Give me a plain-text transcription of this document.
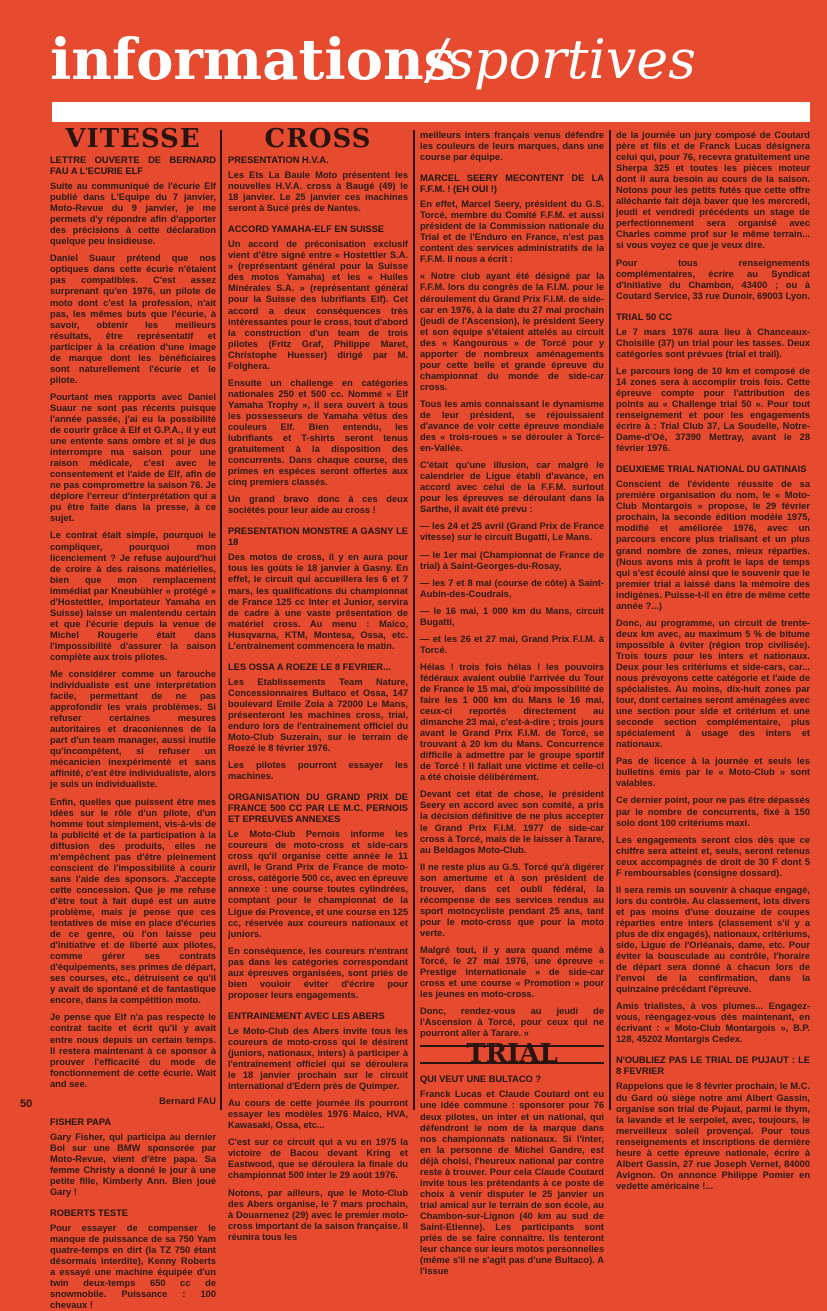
informations
/sportives
VITESSE
LETTRE OUVERTE DE BERNARD FAU A L'ECURIE ELF

Suite au communiqué de l'écurie Elf publié dans L'Equipe du 7 janvier, Moto-Revue du 9 janvier, je me permets d'y répondre afin d'apporter des précisions à cette déclaration quelque peu insidieuse.

Daniel Suaur prétend que nos optiques dans cette écurie n'étaient pas compatibles. C'est assez surprenant qu'en 1976, un pilote de moto dont c'est la profession, n'ait pas, les mêmes buts que l'écurie, à savoir, obtenir les meilleurs résultats, être représentatif et participer à la création d'une image de marque dont les bénéficiaires sont naturellement l'écurie et le pilote.

Pourtant mes rapports avec Daniel Suaur ne sont pas récents puisque l'année passée, j'ai eu la possibilité de courir grâce à Elf et G.P.A., il y eut une entente sans ombre et si je dus interrompre ma saison pour une raison médicale, c'est avec le consentement et l'aide de Elf, afin de ne pas compromettre la saison 76. Je déplore l'erreur d'interprétation qui a pu être faite dans la presse, à ce sujet.

Le contrat était simple, pourquoi le compliquer, pourquoi mon licenciement ? Je refuse aujourd'hui de croire à des raisons matérielles, bien que mon remplacement immédiat par Kneubühler « protégé » d'Hostettler, importateur Yamaha en Suisse) laisse un malentendu certain et que l'écurie depuis la venue de Michel Rougerie était dans l'impossibilité d'assurer la saison complète aux trois pilotes.

Me considérer comme un farouche individualiste est une interprétation facile, permettant de ne pas approfondir les vrais problèmes. Si refuser certaines mesures autoritaires et draconiennes de la part d'un team manager, aussi inutile qu'incompétent, si refuser un mécanicien inexpérimenté et sans affinité, c'est être individualiste, alors je suis un individualiste.

Enfin, quelles que puissent être mes idées sur le rôle d'un pilote, d'un homme tout simplement, vis-à-vis de la publicité et de la participation à la diffusion des produits, elles ne m'empêchent pas d'être pleinement conscient de l'impossibilité à courir sans l'aide des sponsors. J'accepte cette concession. Que je me refuse d'être tout à fait dupé est un autre problème, mais je pense que ces tentatives de mise en place d'écuries de ce genre, où l'on laisse peu d'initiative et de liberté aux pilotes, comme gérer ses contrats d'équipements, ses primes de départ, ses courses, etc., détruisent ce qu'il y avait de spontané et de fantastique encore, dans la compétition moto.

Je pense que Elf n'a pas respecté le contrat tacite et écrit qu'il y avait entre nous depuis un certain temps. Il restera maintenant à ce sponsor à prouver l'efficacité du mode de fonctionnement de cette écurie. Wait and see.

Bernard FAU
FISHER PAPA

Gary Fisher, qui participa au dernier Bol sur une BMW sponsorée par Moto-Revue, vient d'être papa. Sa femme Christy a donné le jour à une petite fille, Kimberly Ann. Bien joué Gary !

ROBERTS TESTE

Pour essayer de compenser le manque de puissance de sa 750 Yam quatre-temps en dirt (la TZ 750 étant désormais interdite), Kenny Roberts a essayé une machine équipée d'un twin deux-temps 650 cc de snowmobile. Puissance : 100 chevaux !

CROSS
PRESENTATION H.V.A.

Les Ets La Baule Moto présentent les nouvelles H.V.A. cross à Baugé (49) le 18 janvier. Le 25 janvier ces machines seront à Sucé près de Nantes.

ACCORD YAMAHA-ELF EN SUISSE

Un accord de préconisation exclusif vient d'être signé entre « Hostettler S.A. » (représentant général pour la Suisse des motos Yamaha) et les « Huiles Minérales S.A. » (représentant général pour la Suisse des lubrifiants Elf). Cet accord a deux conséquences très intéressantes pour le cross, tout d'abord la construction d'un team de trois pilotes (Fritz Graf, Philippe Maret, Christophe Huesser) dirigé par M. Folghera.

Ensuite un challenge en catégories nationales 250 et 500 cc. Nommé « Elf Yamaha Trophy », il sera ouvert à tous les possesseurs de Yamaha vêtus des couleurs Elf. Bien entendu, les lubrifiants et T-shirts seront tenus gratuitement à la disposition des concurrents. Dans chaque course, des primes en espèces seront offertes aux cinq premiers classés.

Un grand bravo donc à ces deux sociétés pour leur aide au cross !

PRESENTATION MONSTRE A GASNY LE 18

Des motos de cross, il y en aura pour tous les goûts le 18 janvier à Gasny. En effet, le circuit qui accueillera les 6 et 7 mars, les qualifications du championnat de France 125 cc Inter et Junior, servira de cadre à une vaste présentation de matériel cross. Au menu : Maico, Husqvarna, KTM, Montesa, Ossa, etc. L'entraînement commencera le matin.

LES OSSA A ROEZE LE 8 FEVRIER...

Les Etablissements Team Nature, Concessionnaires Bultaco et Ossa, 147 boulevard Emile Zola à 72000 Le Mans, présenteront les machines cross, trial, enduro lors de l'entraînement officiel du Moto-Club Suzerain, sur le terrain de Roezé le 8 février 1976.

Les pilotes pourront essayer les machines.

ORGANISATION DU GRAND PRIX DE FRANCE 500 CC PAR LE M.C. PERNOIS ET EPREUVES ANNEXES

Le Moto-Club Pernois informe les coureurs de moto-cross et side-cars cross qu'il organise cette année le 11 avril, le Grand Prix de France de moto-cross, catégorie 500 cc, avec en épreuve annexe : une course toutes cylindrées, comptant pour le championnat de la Ligue de Provence, et une course en 125 cc, réservée aux coureurs nationaux et juniors.

En conséquence, les coureurs n'entrant pas dans les catégories correspondant aux épreuves organisées, sont priés de bien vouloir éviter d'écrire pour proposer leurs engagements.

ENTRAINEMENT AVEC LES ABERS

Le Moto-Club des Abers invite tous les coureurs de moto-cross qui le désirent (juniors, nationaux, inters) à participer à l'entraînement officiel qui se déroulera le 18 janvier prochain sur le circuit international d'Edern près de Quimper.

Au cours de cette journée ils pourront essayer les modèles 1976 Maico, HVA, Kawasaki, Ossa, etc...

C'est sur ce circuit qui a vu en 1975 la victoire de Bacou devant Kring et Eastwood, que se déroulera la finale du championnat 500 inter le 29 août 1976.

Notons, par ailleurs, que le Moto-Club des Abers organise, le 7 mars prochain, à Douarnenez (29) avec le premier moto-cross important de la saison française. Il réunira tous les

meilleurs inters français venus défendre les couleurs de leurs marques, dans une course par équipe.

MARCEL SEERY MECONTENT DE LA F.F.M. ! (EH OUI !)

En effet, Marcel Seery, président du G.S. Torcé, membre du Comité F.F.M. et aussi président de la Commission nationale du Trial et de l'Enduro en France, n'est pas content des services administratifs de la F.F.M. Il nous a écrit :

« Notre club ayant été désigné par la F.F.M. lors du congrès de la F.I.M. pour le déroulement du Grand Prix F.I.M. de side-car en 1976, à la date du 27 mai prochain (jeudi de l'Ascension), le président Seery et son équipe s'étaient attelés au circuit des « Kangourous » de Torcé pour y apporter de nombreux aménagements pour cette belle et grande épreuve du championnat du monde de side-car cross.

Tous les amis connaissant le dynamisme de leur président, se réjouissaient d'avance de voir cette épreuve mondiale des « trois-roues » se dérouler à Torcé-en-Vallée.

C'était qu'une illusion, car malgré le calendrier de Ligue établi d'avance, en accord avec celui de la F.F.M. surtout pour les épreuves se déroulant dans la Sarthe, il avait été prévu :

— les 24 et 25 avril (Grand Prix de France vitesse) sur le circuit Bugatti, Le Mans.

— le 1er mai (Championnat de France de trial) à Saint-Georges-du-Rosay,

— les 7 et 8 mai (course de côte) à Saint-Aubin-des-Coudrais,

— le 16 mai, 1 000 km du Mans, circuit Bugatti,

— et les 26 et 27 mai, Grand Prix F.I.M. à Torcé.

Hélas ! trois fois hélas ! les pouvoirs fédéraux avaient oublié l'arrivée du Tour de France le 15 mai, d'où impossibilité de faire les 1 000 km du Mans le 16 mai, ceux-ci reportés directement au dimanche 23 mai, c'est-à-dire ; trois jours avant le Grand Prix F.I.M. de Torcé, se trouvant à 20 km du Mans. Concurrence difficile à admettre par le groupe sportif de Torcé ! Il fallait une victime et celle-ci a été choisie délibérément.

Devant cet état de chose, le président Seery en accord avec son comité, a pris la décision définitive de ne plus accepter le Grand Prix F.I.M. 1977 de side-car cross à Torcé, mais de le laisser à Tarare, au Beldagos Moto-Club.

Il ne reste plus au G.S. Torcé qu'à digérer son amertume et à son président de trouver, dans cet oubli fédéral, la récompense de ses services rendus au sport motocycliste pendant 25 ans, tant pour le moto-cross que pour la moto verte.

Malgré tout, il y aura quand même à Torcé, le 27 mai 1976, une épreuve « Prestige internationale » de side-car cross et une course « Promotion » pour les jeunes en moto-cross.

Donc, rendez-vous au jeudi de l'Ascension à Torcé, pour ceux qui ne pourront aller à Tarare. »

TRIAL
QUI VEUT UNE BULTACO ?

Franck Lucas et Claude Coutard ont eu une idée commune : sponsorer pour 76 deux pilotes, un inter et un national, qui défendront le nom de la marque dans nos championnats nationaux. Si l'inter, en la personne de Michel Gandre, est déjà choisi, l'heureux national par contre reste à trouver. Pour cela Claude Coutard invite tous les prétendants à ce poste de choix à venir disputer le 25 janvier un trial amical sur le terrain de son école, au Chambon-sur-Lignon (40 km au sud de Saint-Etienne). Les participants sont priés de se faire connaître. Ils tenteront leur chance sur leurs motos personnelles (même s'il ne s'agit pas d'une Bultaco). A l'issue

de la journée un jury composé de Coutard père et fils et de Franck Lucas désignera celui qui, pour 76, recevra gratuitement une Sherpa 325 et toutes les pièces moteur dont il aura besoin au cours de la saison. Notons pour les petits futés que cette offre alléchante fait déjà baver que les mercredi, jeudi et vendredi précédents un stage de perfectionnement sera organisé avec Charles comme prof sur le même terrain... si vous voyez ce que je veux dire.

Pour tous renseignements complémentaires, écrire au Syndicat d'Initiative du Chambon, 43400 ; ou à Coutard Service, 33 rue Dunoir, 69003 Lyon.

TRIAL 50 CC

Le 7 mars 1976 aura lieu à Chanceaux-Choisille (37) un trial pour les tasses. Deux catégories sont prévues (trial et trail).

Le parcours long de 10 km et composé de 14 zones sera à accomplir trois fois. Cette épreuve compte pour l'attribution des points au « Challenge trial 50 ». Pour tout renseignement et pour les engagements écrire à : Trial Club 37, La Soudelle, Notre-Dame-d'Oé, 37390 Mettray, avant le 28 février 1976.

DEUXIEME TRIAL NATIONAL DU GATINAIS

Conscient de l'évidente réussite de sa première organisation du nom, le « Moto-Club Montargois » propose, le 29 février prochain, la seconde édition modèle 1975, modifié et améliorée 1976, avec un parcours encore plus trialisant et un plus grand nombre de zones, mieux réparties. (Nous avons mis à profit le laps de temps qui s'est écoulé ainsi que le souvenir que le premier trial a laissé dans la mémoire des indigènes. Puisse-t-il en être de même cette année ?...)

Donc, au programme, un circuit de trente-deux km avec, au maximum 5 % de bitume impossible à éviter (région trop civilisée). Trois tours pour les inters et nationaux. Deux pour les critériums et side-cars, car... nous prévoyons cette catégorie et l'aide de spécialistes. Au moins, dix-huit zones par tour, dont certaines seront aménagées avec une section pour side et critérium et une seconde section complémentaire, plus spécialement à usage des inters et nationaux.

Pas de licence à la journée et seuls les bulletins émis par le « Moto-Club » sont valables.

Ce dernier point, pour ne pas être dépassés par le nombre de concurrents, fixé à 150 solo dont 100 critériums maxi.

Les engagements seront clos dès que ce chiffre sera atteint et, seuls, seront retenus ceux accompagnés de droit de 30 F dont 5 F remboursables (consigne dossard).

Il sera remis un souvenir à chaque engagé, lors du contrôle. Au classement, lots divers et pas moins d'une douzaine de coupes réparties entre inters (classement s'il y a plus de dix engagés), nationaux, critériums, side, Ligue de l'Orléanais, dame, etc. Pour éviter la bousculade au contrôle, l'horaire de départ sera donné à chacun lors de l'envoi de la confirmation, dans la quinzaine précédant l'épreuve.

Amis trialistes, à vos plumes... Engagez-vous, réengagez-vous dès maintenant, en écrivant : « Moto-Club Montargois », B.P. 128, 45202 Montargis Cedex.

N'OUBLIEZ PAS LE TRIAL DE PUJAUT : LE 8 FEVRIER

Rappelons que le 8 février prochain, le M.C. du Gard où siège notre ami Albert Gassin, organise son trial de Pujaut, parmi le thym, la lavande et le serpolet, avec, toujours, le merveilleux soleil provençal. Pour tous renseignements et inscriptions de dernière heure à cette épreuve nationale, écrire à Albert Gassin, 27 rue Joseph Vernet, 84000 Avignon. On annonce Philippe Pomier en vedette américaine !...

50
